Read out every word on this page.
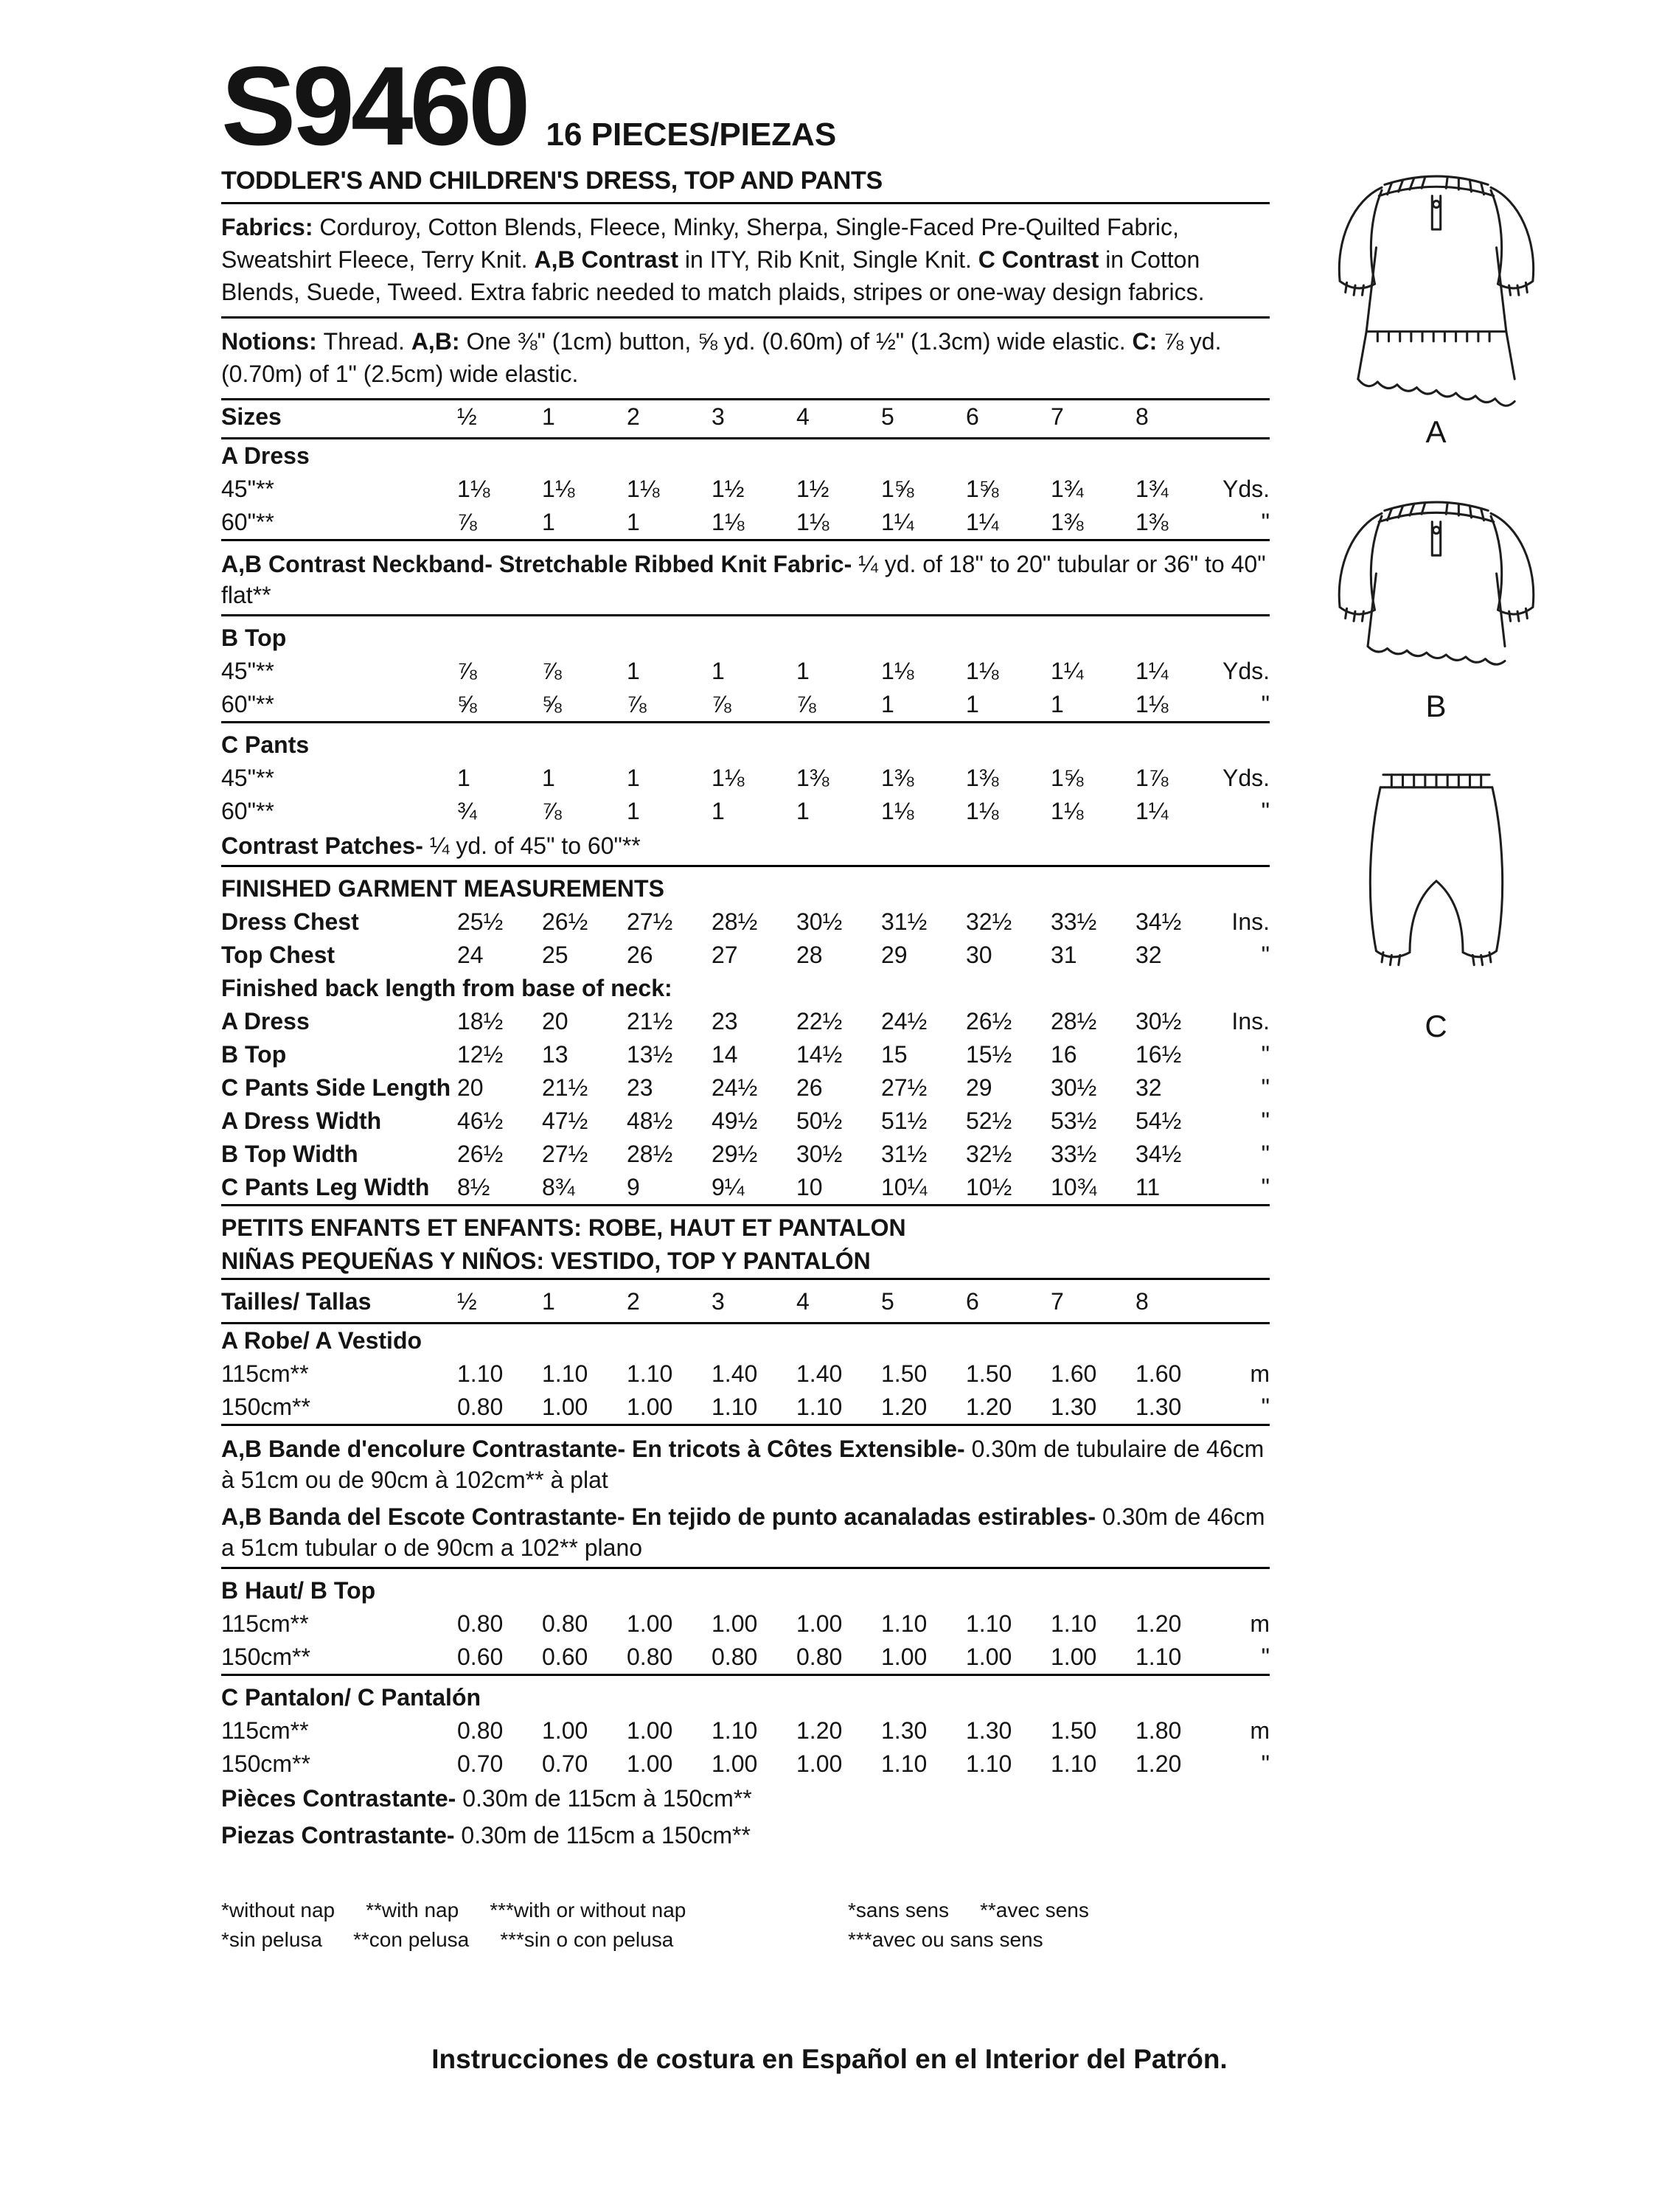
S9460 16 PIECES/PIEZAS
TODDLER'S AND CHILDREN'S DRESS, TOP AND PANTS

Fabrics: Corduroy, Cotton Blends, Fleece, Minky, Sherpa, Single-Faced Pre-Quilted Fabric, Sweatshirt Fleece, Terry Knit. A,B Contrast in ITY, Rib Knit, Single Knit. C Contrast in Cotton Blends, Suede, Tweed. Extra fabric needed to match plaids, stripes or one-way design fabrics.

Notions: Thread. A,B: One ⅜" (1cm) button, ⅝ yd. (0.60m) of ½" (1.3cm) wide elastic. C: ⅞ yd. (0.70m) of 1" (2.5cm) wide elastic.

Sizes	½	1	2	3	4	5	6	7	8
A Dress
45"**	1⅛	1⅛	1⅛	1½	1½	1⅝	1⅝	1¾	1¾	Yds.
60"**	⅞	1	1	1⅛	1⅛	1¼	1¼	1⅜	1⅜	"
A,B Contrast Neckband- Stretchable Ribbed Knit Fabric- ¼ yd. of 18" to 20" tubular or 36" to 40" flat**
B Top
45"**	⅞	⅞	1	1	1	1⅛	1⅛	1¼	1¼	Yds.
60"**	⅝	⅝	⅞	⅞	⅞	1	1	1	1⅛	"
C Pants
45"**	1	1	1	1⅛	1⅜	1⅜	1⅜	1⅝	1⅞	Yds.
60"**	¾	⅞	1	1	1	1⅛	1⅛	1⅛	1¼	"
Contrast Patches- ¼ yd. of 45" to 60"**
FINISHED GARMENT MEASUREMENTS
Dress Chest	25½	26½	27½	28½	30½	31½	32½	33½	34½	Ins.
Top Chest	24	25	26	27	28	29	30	31	32	"
Finished back length from base of neck:
A Dress	18½	20	21½	23	22½	24½	26½	28½	30½	Ins.
B Top	12½	13	13½	14	14½	15	15½	16	16½	"
C Pants Side Length 20	21½	23	24½	26	27½	29	30½	32	"
A Dress Width	46½	47½	48½	49½	50½	51½	52½	53½	54½	"
B Top Width	26½	27½	28½	29½	30½	31½	32½	33½	34½	"
C Pants Leg Width	8½	8¾	9	9¼	10	10¼	10½	10¾	11	"
PETITS ENFANTS ET ENFANTS: ROBE, HAUT ET PANTALON
NIÑAS PEQUEÑAS Y NIÑOS: VESTIDO, TOP Y PANTALÓN
Tailles/ Tallas	½	1	2	3	4	5	6	7	8
A Robe/ A Vestido
115cm**	1.10	1.10	1.10	1.40	1.40	1.50	1.50	1.60	1.60	m
150cm**	0.80	1.00	1.00	1.10	1.10	1.20	1.20	1.30	1.30	"
A,B Bande d'encolure Contrastante- En tricots à Côtes Extensible- 0.30m de tubulaire de 46cm à 51cm ou de 90cm à 102cm** à plat
A,B Banda del Escote Contrastante- En tejido de punto acanaladas estirables- 0.30m de 46cm a 51cm tubular o de 90cm a 102** plano
B Haut/ B Top
115cm**	0.80	0.80	1.00	1.00	1.00	1.10	1.10	1.10	1.20	m
150cm**	0.60	0.60	0.80	0.80	0.80	1.00	1.00	1.00	1.10	"
C Pantalon/ C Pantalón
115cm**	0.80	1.00	1.00	1.10	1.20	1.30	1.30	1.50	1.80	m
150cm**	0.70	0.70	1.00	1.00	1.00	1.10	1.10	1.10	1.20	"
Pièces Contrastante- 0.30m de 115cm à 150cm**
Piezas Contrastante- 0.30m de 115cm a 150cm**
*without nap **with nap ***with or without nap
*sin pelusa **con pelusa ***sin o con pelusa
*sans sens **avec sens***avec ou sans sens
A
B
C
Instrucciones de costura en Español en el Interior del Patrón.
